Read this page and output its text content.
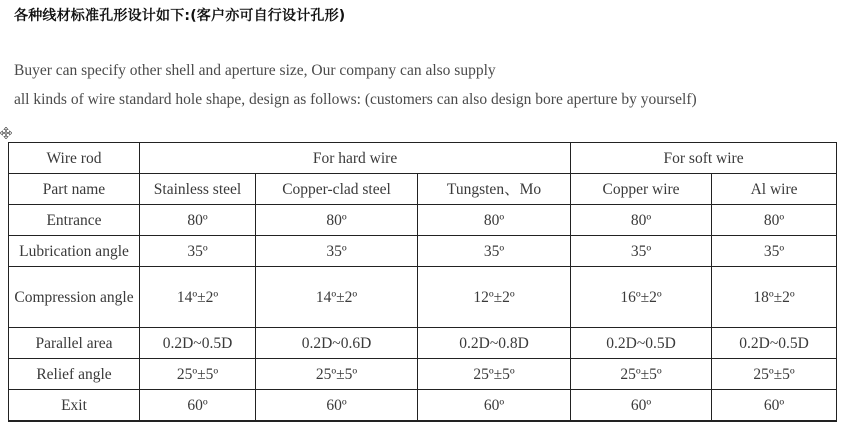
各种线材标准孔形设计如下:(客户亦可自行设计孔形)
Buyer can specify other shell and aperture size, Our company can also supply
all kinds of wire standard hole shape, design as follows: (customers can also design bore aperture by yourself)
Wire rod	For hard wire			For soft wire	
Part name	Stainless steel	Copper-clad steel	Tungsten、Mo	Copper wire	Al wire
Entrance	80º	80º	80º	80º	80º
Lubrication angle	35º	35º	35º	35º	35º
Compression angle	14º±2º	14º±2º	12º±2º	16º±2º	18º±2º
Parallel area	0.2D~0.5D	0.2D~0.6D	0.2D~0.8D	0.2D~0.5D	0.2D~0.5D
Relief angle	25º±5º	25º±5º	25º±5º	25º±5º	25º±5º
Exit	60º	60º	60º	60º	60º
